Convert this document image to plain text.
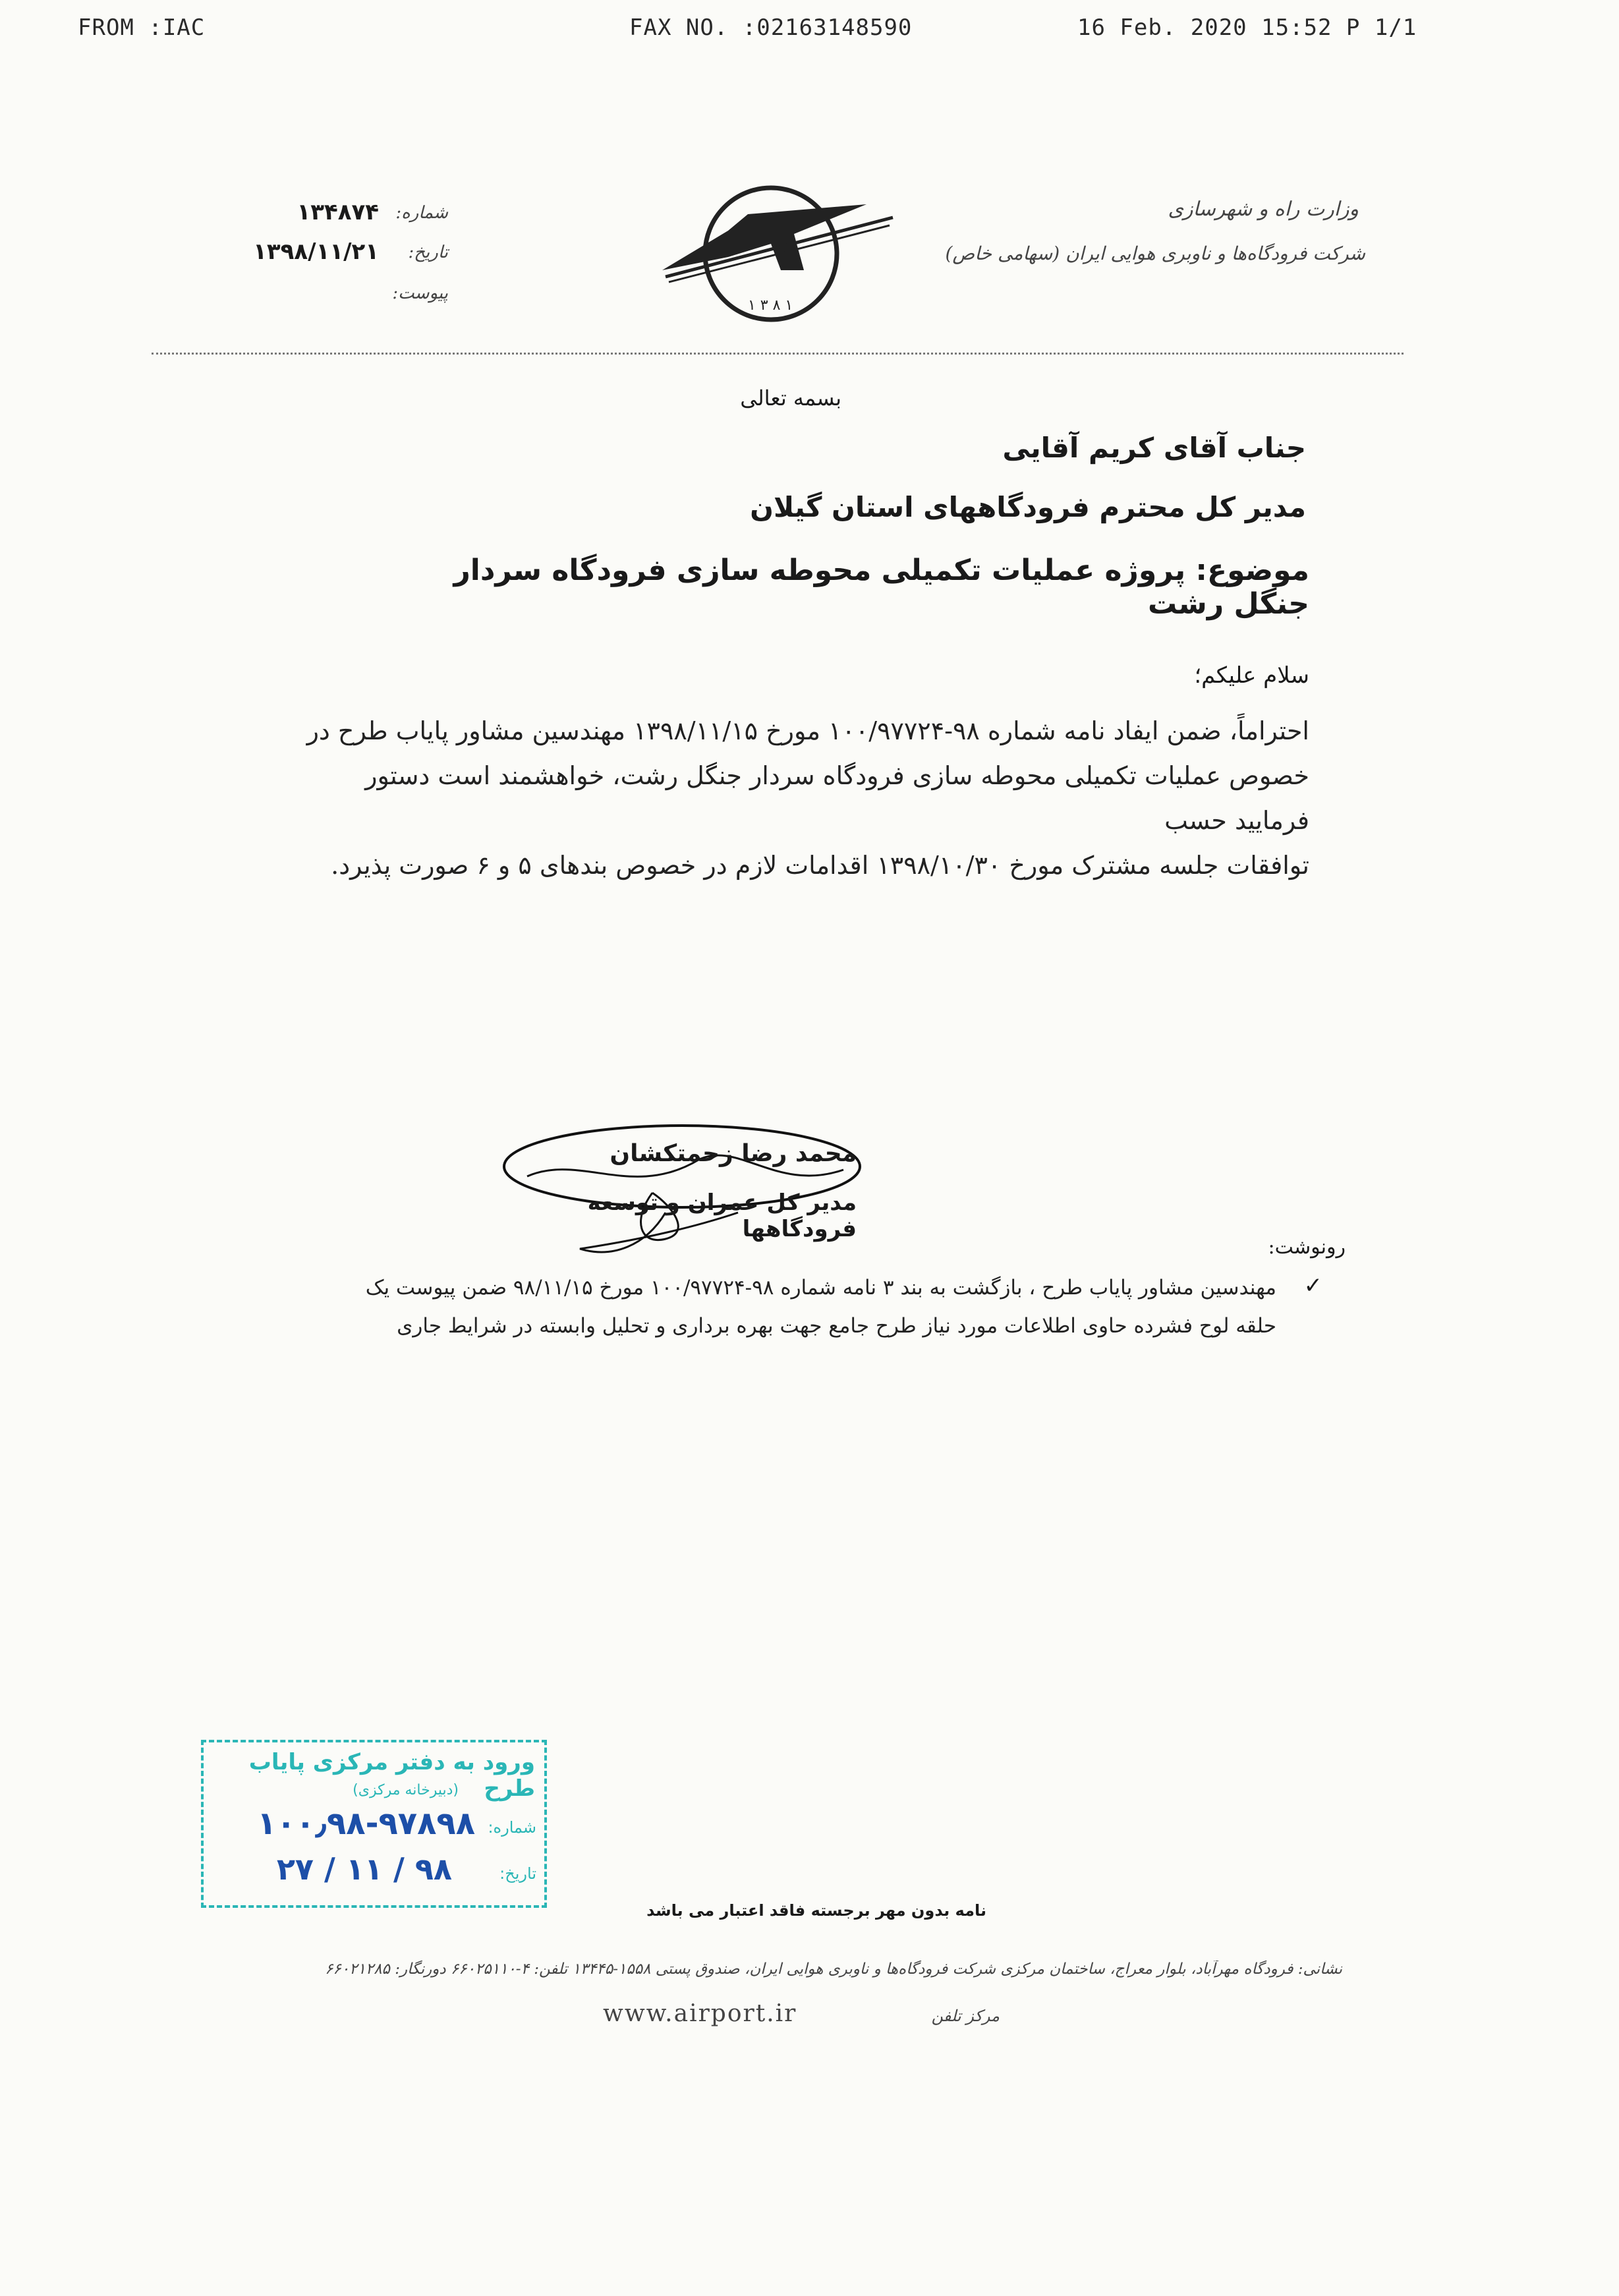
FROM :IAC	FAX NO. :02163148590	16 Feb. 2020 15:52 P 1/1
شماره:
۱۳۴۸۷۴
تاریخ:
۱۳۹۸/۱۱/۲۱
پیوست:
۱ ۳ ۸ ۱
وزارت راه و شهرسازی
شرکت فرودگاه‌ها و ناوبری هوایی ایران (سهامی خاص)
بسمه تعالی
جناب آقای کریم آقایی
مدیر کل محترم فرودگاههای استان گیلان
موضوع: پروژه عملیات تکمیلی محوطه سازی فرودگاه سردار جنگل رشت
سلام علیکم؛
احتراماً، ضمن ایفاد نامه شماره ۹۸-۱۰۰/۹۷۷۲۴ مورخ ۱۳۹۸/۱۱/۱۵ مهندسین مشاور پایاب طرح در
خصوص عملیات تکمیلی محوطه سازی فرودگاه سردار جنگل رشت، خواهشمند است دستور فرمایید حسب
توافقات جلسه مشترک مورخ ۱۳۹۸/۱۰/۳۰ اقدامات لازم در خصوص بندهای ۵ و ۶ صورت پذیرد.
محمد رضا زحمتکشان
مدیر کل عمران و توسعه فرودگاهها
رونوشت:
✓
مهندسین مشاور پایاب طرح ، بازگشت به بند ۳ نامه شماره ۹۸-۱۰۰/۹۷۷۲۴ مورخ ۹۸/۱۱/۱۵ ضمن پیوست یک
حلقه لوح فشرده حاوی اطلاعات مورد نیاز طرح جامع جهت بهره برداری و تحلیل وابسته در شرایط جاری
ورود به دفتر مرکزی پایاب طرح
(دبیرخانه مرکزی)
شماره:
۱۰۰٫۹۸-۹۷۸۹۸
تاریخ:
۹۸ / ۱۱ / ۲۷
نامه بدون مهر برجسته فاقد اعتبار می باشد
نشانی: فرودگاه مهرآباد، بلوار معراج، ساختمان مرکزی شرکت فرودگاه‌ها و ناوبری هوایی ایران، صندوق پستی ۱۵۵۸-۱۳۴۴۵ تلفن: ۴-۶۶۰۲۵۱۱۰ دورنگار: ۶۶۰۲۱۲۸۵
مرکز تلفن
www.airport.ir
